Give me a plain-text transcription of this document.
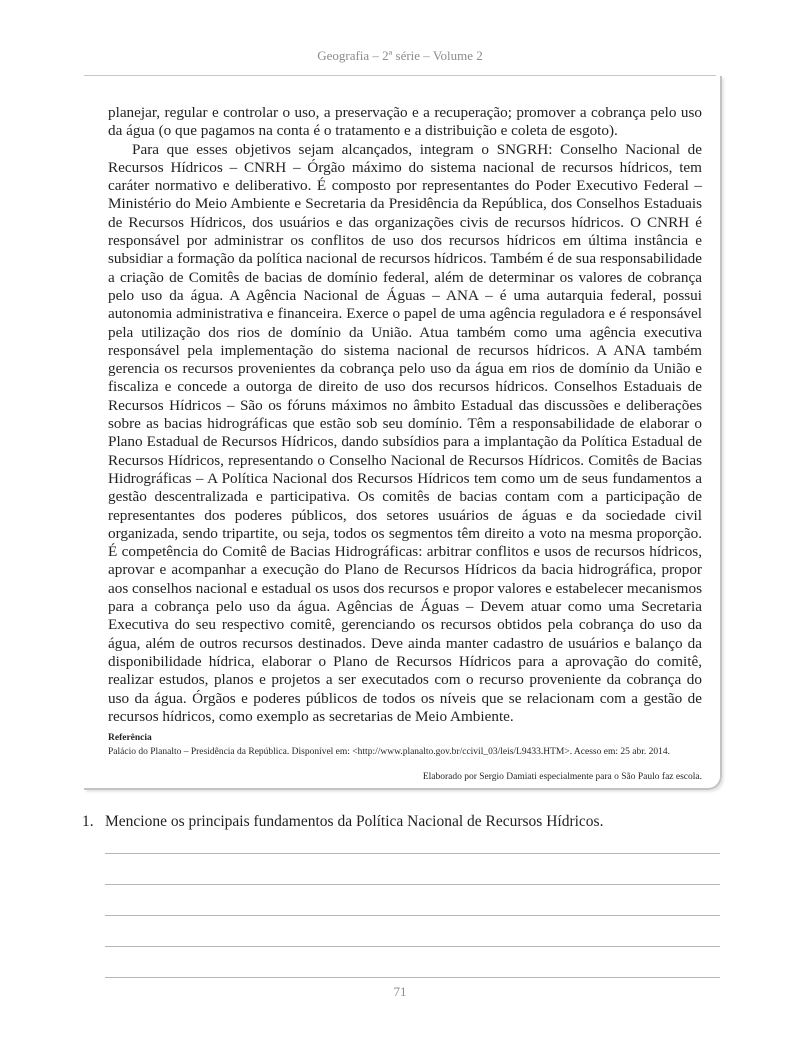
Geografia – 2ª série – Volume 2

planejar, regular e controlar o uso, a preservação e a recuperação; promover a cobrança pelo uso da água (o que pagamos na conta é o tratamento e a distribuição e coleta de esgoto).

Para que esses objetivos sejam alcançados, integram o SNGRH: Conselho Nacional de Recursos Hídricos – CNRH – Órgão máximo do sistema nacional de recursos hídricos, tem caráter normativo e deliberativo. É composto por representantes do Poder Executivo Federal – Ministério do Meio Ambiente e Secretaria da Presidência da República, dos Conselhos Estaduais de Recursos Hídricos, dos usuários e das organizações civis de recursos hídricos. O CNRH é responsável por administrar os conflitos de uso dos recursos hídricos em última instância e subsidiar a formação da política nacional de recursos hídricos. Também é de sua responsabilidade a criação de Comitês de bacias de domínio federal, além de determinar os valores de cobrança pelo uso da água. A Agência Nacional de Águas – ANA – é uma autarquia federal, possui autonomia administrativa e financeira. Exerce o papel de uma agência reguladora e é responsável pela utilização dos rios de domínio da União. Atua também como uma agência executiva responsável pela implementação do sistema nacional de recursos hídricos. A ANA também gerencia os recursos provenientes da cobrança pelo uso da água em rios de domínio da União e fiscaliza e concede a outorga de direito de uso dos recursos hídricos. Conselhos Estaduais de Recursos Hídricos – São os fóruns máximos no âmbito Estadual das discussões e deliberações sobre as bacias hidrográficas que estão sob seu domínio. Têm a responsabilidade de elaborar o Plano Estadual de Recursos Hídricos, dando subsídios para a implantação da Política Estadual de Recursos Hídricos, representando o Conselho Nacional de Recursos Hídricos. Comitês de Bacias Hidrográficas – A Política Nacional dos Recursos Hídricos tem como um de seus fundamentos a gestão descentralizada e participativa. Os comitês de bacias contam com a participação de representantes dos poderes públicos, dos setores usuários de águas e da sociedade civil organizada, sendo tripartite, ou seja, todos os segmentos têm direito a voto na mesma proporção. É competência do Comitê de Bacias Hidrográficas: arbitrar conflitos e usos de recursos hídricos, aprovar e acompanhar a execução do Plano de Recursos Hídricos da bacia hidrográfica, propor aos conselhos nacional e estadual os usos dos recursos e propor valores e estabelecer mecanismos para a cobrança pelo uso da água. Agências de Águas – Devem atuar como uma Secretaria Executiva do seu respectivo comitê, gerenciando os recursos obtidos pela cobrança do uso da água, além de outros recursos destinados. Deve ainda manter cadastro de usuários e balanço da disponibilidade hídrica, elaborar o Plano de Recursos Hídricos para a aprovação do comitê, realizar estudos, planos e projetos a ser executados com o recurso proveniente da cobrança do uso da água. Órgãos e poderes públicos de todos os níveis que se relacionam com a gestão de recursos hídricos, como exemplo as secretarias de Meio Ambiente.

Referência
Palácio do Planalto – Presidência da República. Disponível em: <http://www.planalto.gov.br/ccivil_03/leis/L9433.HTM>. Acesso em: 25 abr. 2014.
Elaborado por Sergio Damiati especialmente para o São Paulo faz escola.
1. Mencione os principais fundamentos da Política Nacional de Recursos Hídricos.
71
